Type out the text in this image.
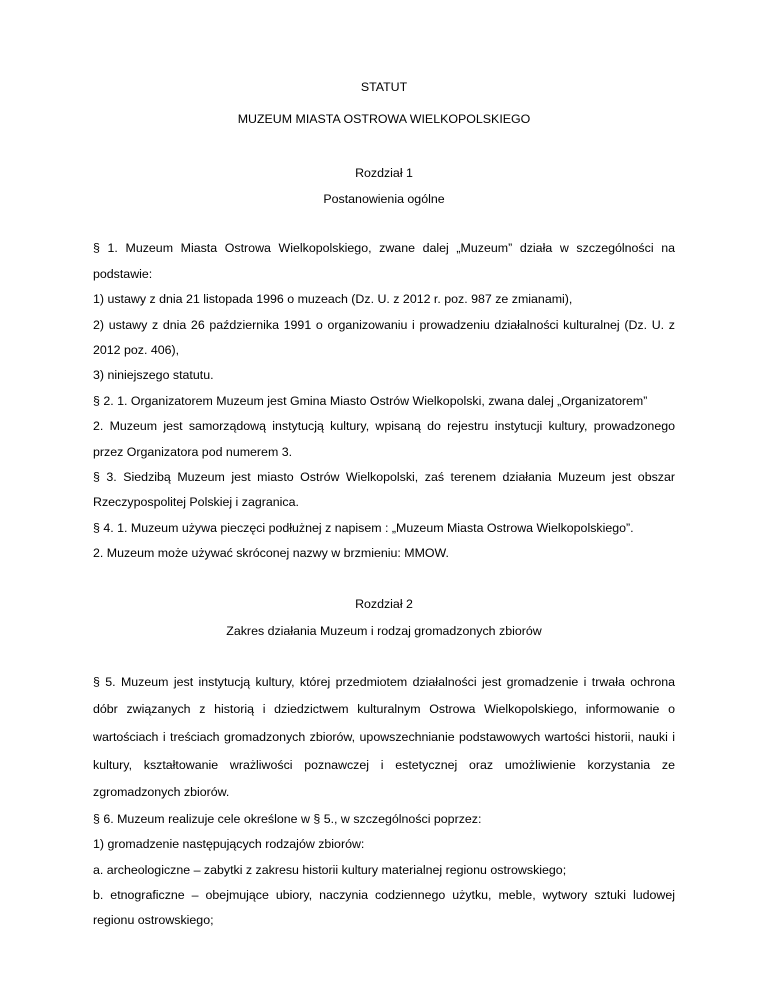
STATUT

MUZEUM MIASTA OSTROWA WIELKOPOLSKIEGO

Rozdział 1

Postanowienia ogólne

§ 1. Muzeum Miasta Ostrowa Wielkopolskiego, zwane dalej „Muzeum” działa w szczególności na podstawie:

1) ustawy z dnia 21 listopada 1996 o muzeach (Dz. U. z 2012 r. poz. 987 ze zmianami),

2) ustawy z dnia 26 października 1991 o organizowaniu i prowadzeniu działalności kulturalnej (Dz. U. z 2012 poz. 406),

3) niniejszego statutu.

§ 2. 1. Organizatorem Muzeum jest Gmina Miasto Ostrów Wielkopolski, zwana dalej „Organizatorem”

2. Muzeum jest samorządową instytucją kultury, wpisaną do rejestru instytucji kultury, prowadzonego przez Organizatora pod numerem 3.

§ 3. Siedzibą Muzeum jest miasto Ostrów Wielkopolski, zaś terenem działania Muzeum jest obszar Rzeczypospolitej Polskiej i zagranica.

§ 4. 1. Muzeum używa pieczęci podłużnej z napisem : „Muzeum Miasta Ostrowa Wielkopolskiego”.

2. Muzeum może używać skróconej nazwy w brzmieniu: MMOW.

Rozdział 2

Zakres działania Muzeum i rodzaj gromadzonych zbiorów

§ 5. Muzeum jest instytucją kultury, której przedmiotem działalności jest gromadzenie i trwała ochrona dóbr związanych z historią i dziedzictwem kulturalnym Ostrowa Wielkopolskiego, informowanie o wartościach i treściach gromadzonych zbiorów, upowszechnianie podstawowych wartości historii, nauki i kultury, kształtowanie wrażliwości poznawczej i estetycznej oraz umożliwienie korzystania ze zgromadzonych zbiorów.

§ 6. Muzeum realizuje cele określone w § 5., w szczególności poprzez:

1) gromadzenie następujących rodzajów zbiorów:

a. archeologiczne – zabytki z zakresu historii kultury materialnej regionu ostrowskiego;

b. etnograficzne – obejmujące ubiory, naczynia codziennego użytku, meble, wytwory sztuki ludowej regionu ostrowskiego;
